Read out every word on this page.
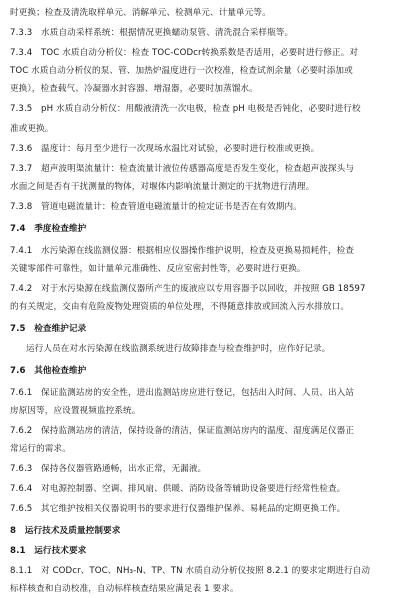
时更换；检查及清洗取样单元、消解单元、检测单元、计量单元等。

7.3.3　水质自动采样系统：根据情况更换蠕动泵管、清洗混合采样瓶等。

7.3.4　TOC 水质自动分析仪：检查 TOC-CODcr转换系数是否适用，必要时进行修正。对

TOC 水质自动分析仪的泵、管、加热炉温度进行一次校准，检查试剂余量（必要时添加或

更换），检查载气、冷凝器水封容器、增湿器，必要时加蒸馏水。

7.3.5　pH 水质自动分析仪：用酸液清洗一次电极，检查 pH 电极是否钝化，必要时进行校

准或更换。

7.3.6　温度计：每月至少进行一次现场水温比对试验，必要时进行校准或更换。

7.3.7　超声波明渠流量计：检查流量计液位传感器高度是否发生变化，检查超声波探头与

水面之间是否有干扰测量的物体，对堰体内影响流量计测定的干扰物进行清理。

7.3.8　管道电磁流量计：检查管道电磁流量计的检定证书是否在有效期内。

7.4　季度检查维护

7.4.1　水污染源在线监测仪器：根据相应仪器操作维护说明，检查及更换易损耗件，检查

关键零部件可靠性，如计量单元准确性、反应室密封性等，必要时进行更换。

7.4.2　对于水污染源在线监测仪器所产生的废液应以专用容器予以回收，并按照 GB 18597

的有关规定，交由有危险废物处理资质的单位处理，不得随意排放或回流入污水排放口。

7.5　检查维护记录

运行人员在对水污染源在线监测系统进行故障排查与检查维护时，应作好记录。

7.6　其他检查维护

7.6.1　保证监测站房的安全性，进出监测站房应进行登记，包括出入时间、人员、出入站

房原因等，应设置视频监控系统。

7.6.2　保持监测站房的清洁，保持设备的清洁，保证监测站房内的温度、湿度满足仪器正

常运行的需求。

7.6.3　保持各仪器管路通畅，出水正常，无漏液。

7.6.4　对电源控制器、空调、排风扇、供暖、消防设备等辅助设备要进行经常性检查。

7.6.5　其它维护按相关仪器说明书的要求进行仪器维护保养、易耗品的定期更换工作。

8　运行技术及质量控制要求

8.1　运行技术要求

8.1.1　对 CODcr、TOC、NH₃-N、TP、TN 水质自动分析仪按照 8.2.1 的要求定期进行自动

标样核查和自动校准，自动标样核查结果应满足表 1 要求。
